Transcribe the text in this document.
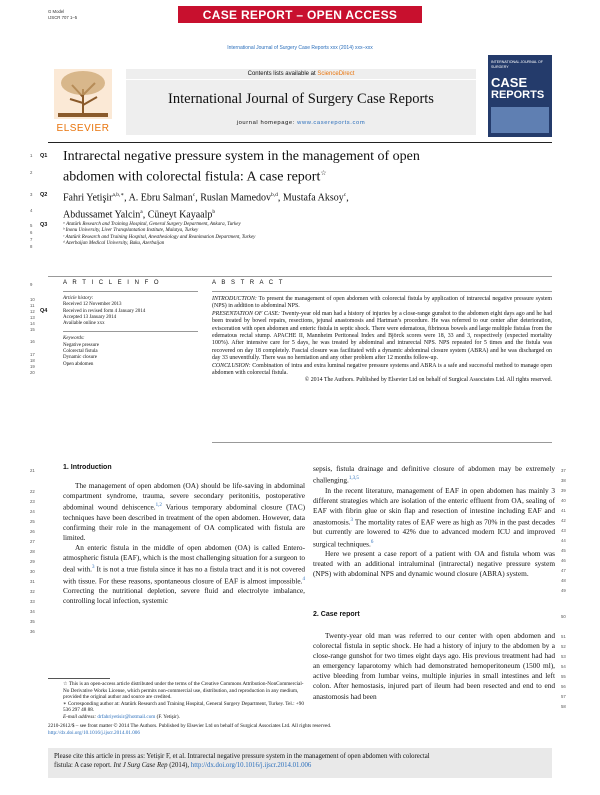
G Model
IJSCR 707 1–5	CASE REPORT – OPEN ACCESS
International Journal of Surgery Case Reports xxx (2014) xxx–xxx
ELSEVIER
Contents lists available at ScienceDirect
International Journal of Surgery Case Reports
journal homepage: www.casereports.com
INTERNATIONAL JOURNAL OF SURGERY
CASE
REPORTS
1
2
3
4
5
6
7
8
9
10
11
12
13
14
15
16
17
18
19
20
21
22
23
24
25
26
27
28
29
30
31
32
33
34
35
36
37
38
39
40
41
42
43
44
45
46
47
48
49
50
51
52
53
54
55
56
57
58
Q1
Q2
Q3
Q4
Intrarectal negative pressure system in the management of open
abdomen with colorectal fistula: A case report☆
Fahri Yetişir$^{a,b,∗}$, A. Ebru Salman$^c$, Ruslan Mamedov$^{b,d}$, Mustafa Aksoy$^c$,
Abdussamet Yalcin$^a$, Cüneyt Kayaalp$^b$
ᵃ Atatürk Research and Training Hospital, General Surgery Department, Ankara, Turkey
ᵇ Inonu University, Liver Transplantation Institute, Malatya, Turkey
ᶜ Atatürk Research and Training Hospital, Anesthesiology and Reanimation Department, Turkey
ᵈ Azerbaijan Medical University, Baku, Azerbaijan
A R T I C L E I N F O
Article history:
Received 12 November 2013
Received in revised form 4 January 2014
Accepted 13 January 2014
Available online xxx
Keywords:
Negative pressure
Colorectal fistula
Dynamic closure
Open abdomen
A B S T R A C T
INTRODUCTION: To present the management of open abdomen with colorectal fistula by application of intrarectal negative pressure system (NPS) in addition to abdominal NPS.
PRESENTATION OF CASE: Twenty-year old man had a history of injuries by a close-range gunshot to the abdomen eight days ago and he had been treated by bowel repairs, resections, jejunal anastomosis and Hartman’s procedure. He was referred to our center after deterioration, evisceration with open abdomen and enteric fistula in septic shock. There were edematous, fibrinous bowels and large multiple fistulas from the edematous rectal stump. APACHE II, Mannheim Peritoneal Index and Björck scores were 18, 33 and 3, respectively (expected mortality 100%). After intensive care for 5 days, he was treated by abdominal and intrarectal NPS. NPS repeated for 5 times and the fistula was recovered on day 18 completely. Fascial closure was facilitated with a dynamic abdominal closure system (ABRA) and he was discharged on day 33 uneventfully. There was no herniation and any other problem after 12 months follow-up.
CONCLUSION: Combination of intra and extra luminal negative pressure systems and ABRA is a safe and successful method to manage open abdomen with colorectal fistula.
© 2014 The Authors. Published by Elsevier Ltd on behalf of Surgical Associates Ltd. All rights reserved.
1. Introduction
The management of open abdomen (OA) should be life-saving in abdominal compartment syndrome, trauma, severe secondary peritonitis, postoperative abdominal wound dehiscence.$^{1,2}$ Various temporary abdominal closure (TAC) techniques have been described in treatment of the open abdomen. However, data confirming their role in the management of OA complicated with fistula are limited.
An enteric fistula in the middle of open abdomen (OA) is called Entero-atmospheric fistula (EAF), which is the most challenging situation for a surgeon to deal with.$^3$ It is not a true fistula since it has no a fistula tract and it is not covered with tissue. For these reasons, spontaneous closure of EAF is almost impossible.$^4$ Correcting the nutritional depletion, severe fluid and electrolyte imbalance, controlling local infection, systemic
sepsis, fistula drainage and definitive closure of abdomen may be extremely challenging.$^{1,3,5}$
In the recent literature, management of EAF in open abdomen has mainly 3 different strategies which are isolation of the enteric effluent from OA, sealing of EAF with fibrin glue or skin flap and resection of intestine including EAF and anastomosis.$^3$ The mortality rates of EAF were as high as 70% in the past decades but currently are lowered to 42% due to advanced modern ICU and improved surgical techniques.$^6$
Here we present a case report of a patient with OA and fistula whom was treated with an additional intraluminal (intrarectal) negative pressure system (NPS) with abdominal NPS and dynamic wound closure (ABRA) system.
2. Case report
Twenty-year old man was referred to our center with open abdomen and colorectal fistula in septic shock. He had a history of injury to the abdomen by a close-range gunshot for two times eight days ago. His previous treatment had had an emergency laparotomy which had demonstrated hemoperitoneum (1500 ml), active bleeding from lumbar veins, multiple injuries in small intestines and left colon. After hemostasis, injured part of ileum had been resected and end to end anastomosis had been
☆ This is an open-access article distributed under the terms of the Creative Commons Attribution-NonCommercial-No Derivative Works License, which permits non-commercial use, distribution, and reproduction in any medium, provided the original author and source are credited.
∗ Corresponding author at: Atatürk Research and Training Hospital, General Surgery Department, Turkey. Tel.: +90 536 297 48 88.
E-mail address: drfahriyetisir@hotmail.com (F. Yetişir).
2210-2612/$ – see front matter © 2014 The Authors. Published by Elsevier Ltd on behalf of Surgical Associates Ltd. All rights reserved.
http://dx.doi.org/10.1016/j.ijscr.2014.01.006
Please cite this article in press as: Yetişir F, et al. Intrarectal negative pressure system in the management of open abdomen with colorectal
fistula: A case report. Int J Surg Case Rep (2014), http://dx.doi.org/10.1016/j.ijscr.2014.01.006
